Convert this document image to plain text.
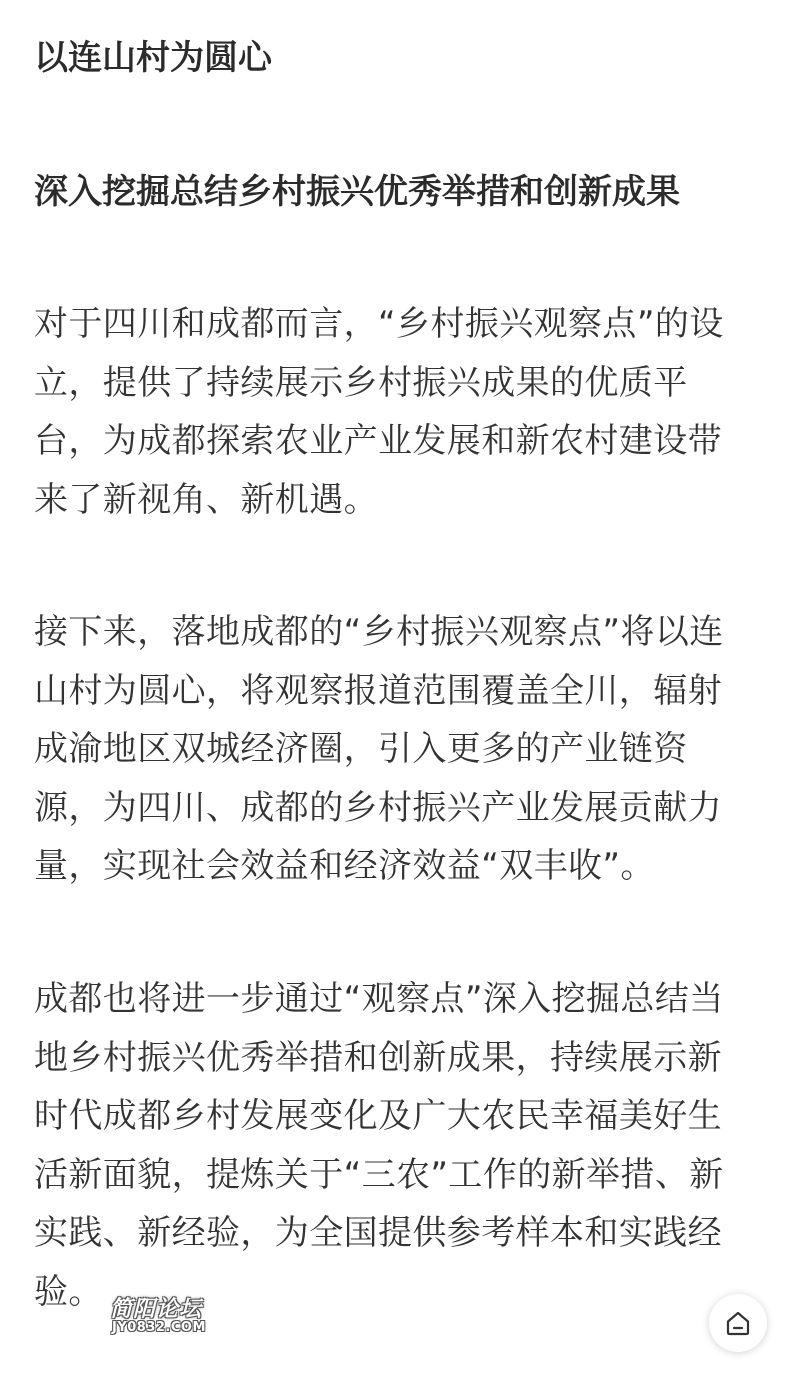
以连山村为圆心
深入挖掘总结乡村振兴优秀举措和创新成果
对于四川和成都而言，“乡村振兴观察点”的设
立，提供了持续展示乡村振兴成果的优质平
台，为成都探索农业产业发展和新农村建设带
来了新视角、新机遇。
接下来，落地成都的“乡村振兴观察点”将以连
山村为圆心，将观察报道范围覆盖全川，辐射
成渝地区双城经济圈，引入更多的产业链资
源，为四川、成都的乡村振兴产业发展贡献力
量，实现社会效益和经济效益“双丰收”。
成都也将进一步通过“观察点”深入挖掘总结当
地乡村振兴优秀举措和创新成果，持续展示新
时代成都乡村发展变化及广大农民幸福美好生
活新面貌，提炼关于“三农”工作的新举措、新
实践、新经验，为全国提供参考样本和实践经
验。 简阳论坛
JY0832.COM
